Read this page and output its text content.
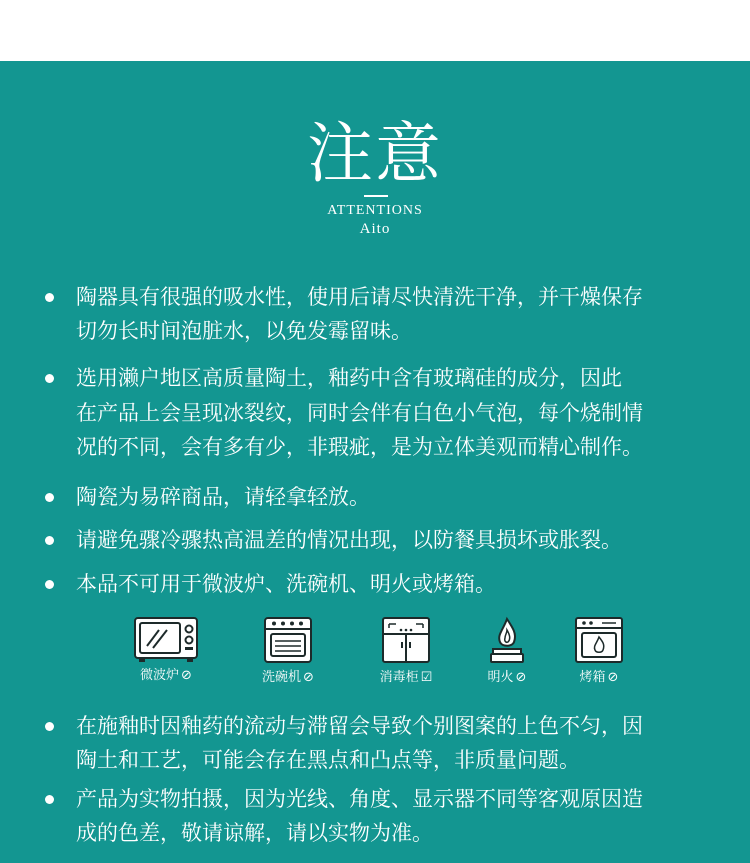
注意
ATTENTIONS
Aito
陶器具有很强的吸水性，使用后请尽快清洗干净，并干燥保存
切勿长时间泡脏水，以免发霉留味。
选用濑户地区高质量陶土，釉药中含有玻璃硅的成分，因此
在产品上会呈现冰裂纹，同时会伴有白色小气泡，每个烧制情
况的不同，会有多有少，非瑕疵，是为立体美观而精心制作。
陶瓷为易碎商品，请轻拿轻放。
请避免骤冷骤热高温差的情况出现，以防餐具损坏或胀裂。
本品不可用于微波炉、洗碗机、明火或烤箱。
微波炉 ⊘	洗碗机 ⊘	消毒柜 ☑	明火 ⊘	烤箱 ⊘
在施釉时因釉药的流动与滞留会导致个别图案的上色不匀，因
陶土和工艺，可能会存在黑点和凸点等，非质量问题。
产品为实物拍摄，因为光线、角度、显示器不同等客观原因造
成的色差，敬请谅解，请以实物为准。
